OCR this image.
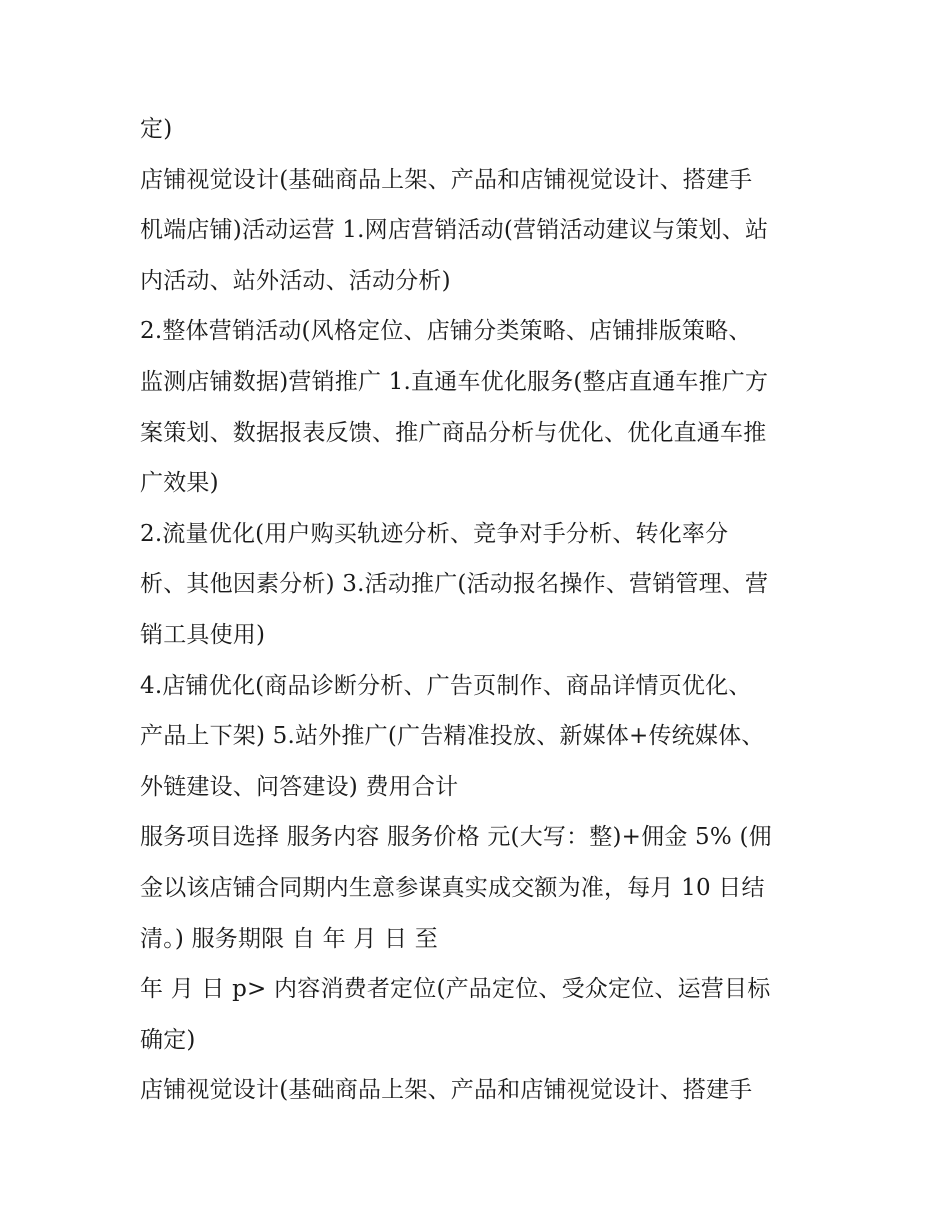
定)
店铺视觉设计(基础商品上架、产品和店铺视觉设计、搭建手
机端店铺)活动运营 1.网店营销活动(营销活动建议与策划、站
内活动、站外活动、活动分析)
2.整体营销活动(风格定位、店铺分类策略、店铺排版策略、
监测店铺数据)营销推广 1.直通车优化服务(整店直通车推广方
案策划、数据报表反馈、推广商品分析与优化、优化直通车推
广效果)
2.流量优化(用户购买轨迹分析、竞争对手分析、转化率分
析、其他因素分析) 3.活动推广(活动报名操作、营销管理、营
销工具使用)
4.店铺优化(商品诊断分析、广告页制作、商品详情页优化、
产品上下架) 5.站外推广(广告精准投放、新媒体+传统媒体、
外链建设、问答建设) 费用合计
服务项目选择 服务内容 服务价格 元(大写：整)+佣金 5% (佣
金以该店铺合同期内生意参谋真实成交额为准，每月 10 日结
清。) 服务期限 自 年 月 日 至
年 月 日 p> 内容消费者定位(产品定位、受众定位、运营目标
确定)
店铺视觉设计(基础商品上架、产品和店铺视觉设计、搭建手
